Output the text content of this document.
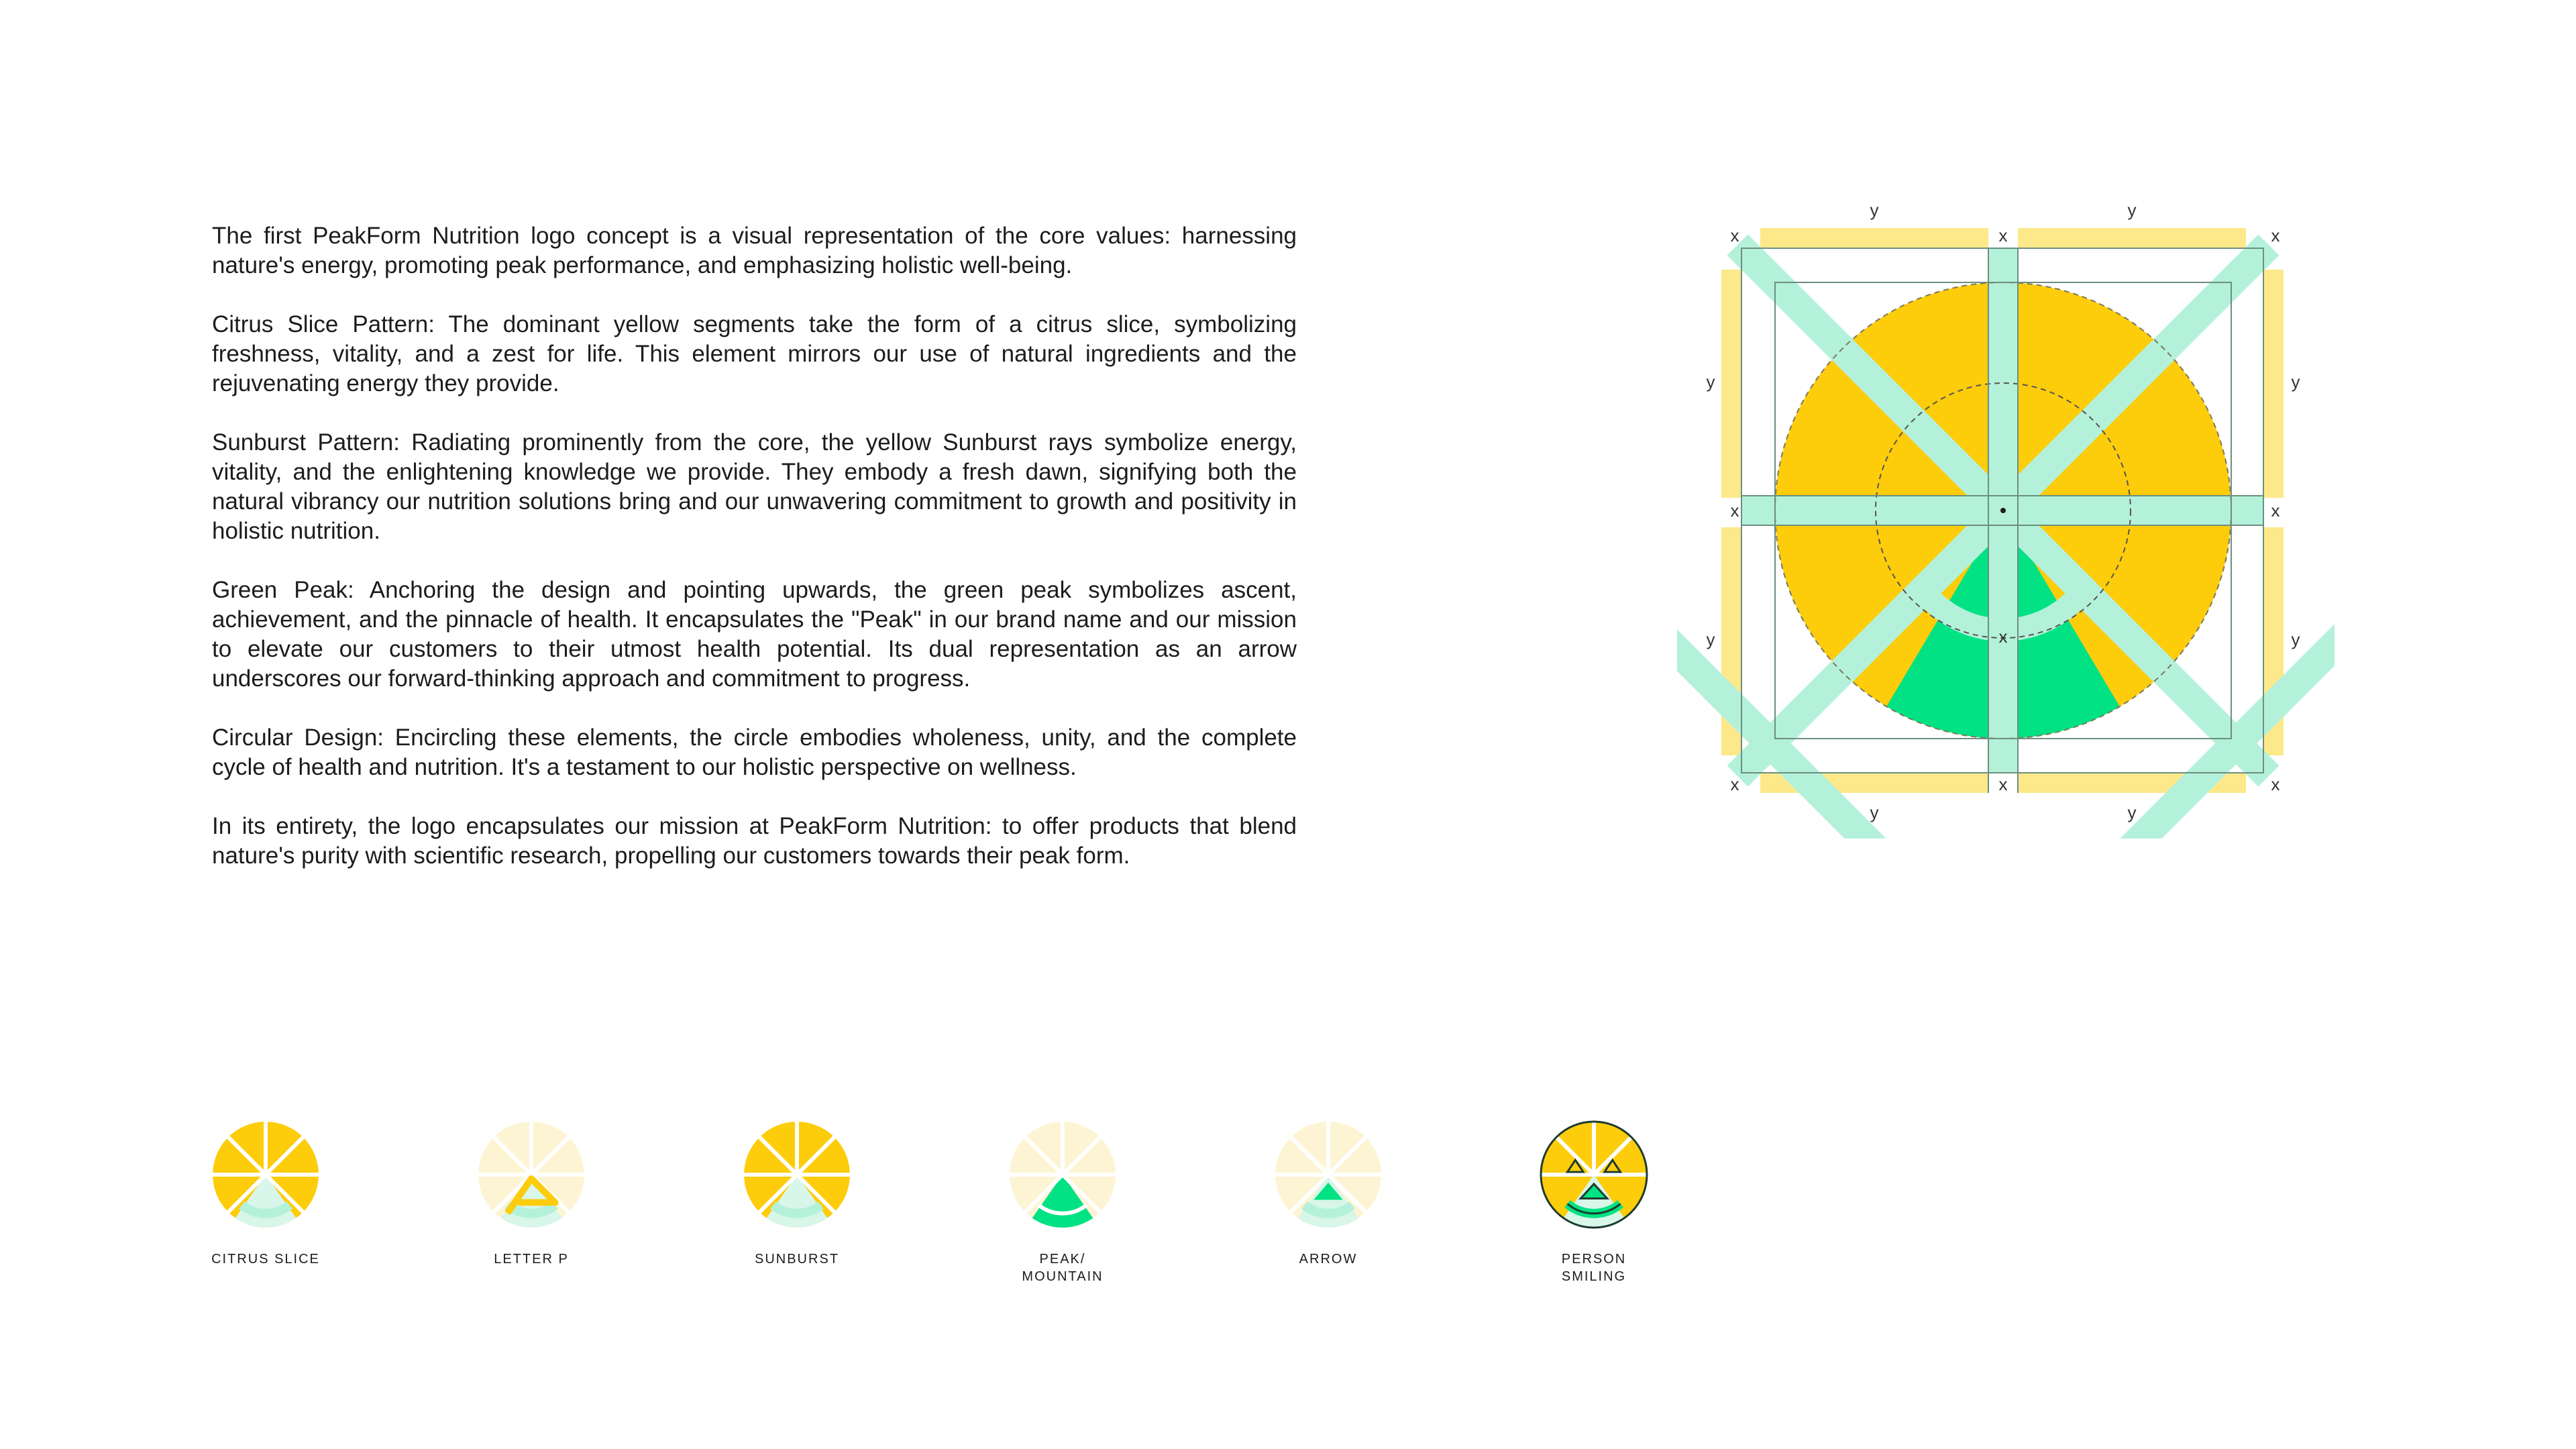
The first PeakForm Nutrition logo concept is a visual representation of the core values: harnessing nature's energy, promoting peak performance, and emphasizing holistic well-being.

Citrus Slice Pattern: The dominant yellow segments take the form of a citrus slice, symbolizing freshness, vitality, and a zest for life. This element mirrors our use of natural ingredients and the rejuvenating energy they provide.

Sunburst Pattern: Radiating prominently from the core, the yellow Sunburst rays symbolize energy, vitality, and the enlightening knowledge we provide. They embody a fresh dawn, signifying both the natural vibrancy our nutrition solutions bring and our unwavering commitment to growth and positivity in holistic nutrition.

Green Peak: Anchoring the design and pointing upwards, the green peak symbolizes ascent, achievement, and the pinnacle of health. It encapsulates the "Peak" in our brand name and our mission to elevate our customers to their utmost health potential. Its dual representation as an arrow underscores our forward-thinking approach and commitment to progress.

Circular Design: Encircling these elements, the circle embodies wholeness, unity, and the complete cycle of health and nutrition. It's a testament to our holistic perspective on wellness.

In its entirety, the logo encapsulates our mission at PeakForm Nutrition: to offer products that blend nature's purity with scientific research, propelling our customers towards their peak form.

y	y
y	y
y
y
y
y
x	x	x
x	x
x	x	x
x
CITRUS SLICE	LETTER P	SUNBURST	PEAK/
MOUNTAIN
ARROW	PERSON
SMILING
